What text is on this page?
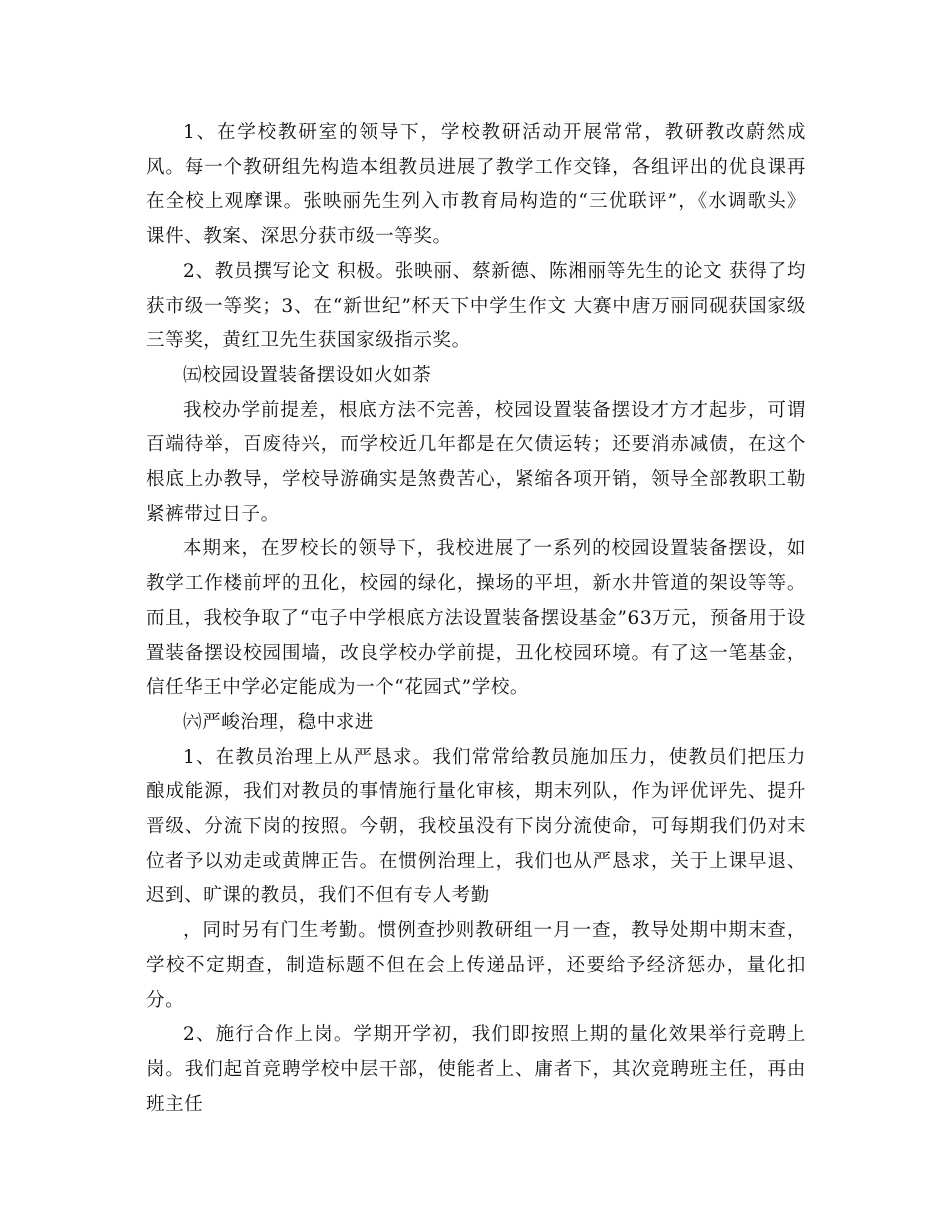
1、在学校教研室的领导下，学校教研活动开展常常，教研教改蔚然成风。每一个教研组先构造本组教员进展了教学工作交锋，各组评出的优良课再在全校上观摩课。张映丽先生列入市教育局构造的“三优联评”，《水调歌头》课件、教案、深思分获市级一等奖。

2、教员撰写论文 积极。张映丽、蔡新德、陈湘丽等先生的论文 获得了均获市级一等奖；3、在“新世纪”杯天下中学生作文 大赛中唐万丽同砚获国家级三等奖，黄红卫先生获国家级指示奖。

㈤校园设置装备摆设如火如荼

我校办学前提差，根底方法不完善，校园设置装备摆设才方才起步，可谓百端待举，百废待兴，而学校近几年都是在欠债运转；还要消赤减债，在这个根底上办教导，学校导游确实是煞费苦心，紧缩各项开销，领导全部教职工勒紧裤带过日子。

本期来，在罗校长的领导下，我校进展了一系列的校园设置装备摆设，如教学工作楼前坪的丑化，校园的绿化，操场的平坦，新水井管道的架设等等。而且，我校争取了“屯子中学根底方法设置装备摆设基金”63万元，预备用于设置装备摆设校园围墙，改良学校办学前提，丑化校园环境。有了这一笔基金，信任华王中学必定能成为一个“花园式”学校。

㈥严峻治理，稳中求进

1、在教员治理上从严恳求。我们常常给教员施加压力，使教员们把压力酿成能源，我们对教员的事情施行量化审核，期末列队，作为评优评先、提升晋级、分流下岗的按照。今朝，我校虽没有下岗分流使命，可每期我们仍对末位者予以劝走或黄牌正告。在惯例治理上，我们也从严恳求，关于上课早退、迟到、旷课的教员，我们不但有专人考勤

，同时另有门生考勤。惯例查抄则教研组一月一查，教导处期中期末查，学校不定期查，制造标题不但在会上传递品评，还要给予经济惩办，量化扣分。

2、施行合作上岗。学期开学初，我们即按照上期的量化效果举行竞聘上岗。我们起首竞聘学校中层干部，使能者上、庸者下，其次竞聘班主任，再由班主任
